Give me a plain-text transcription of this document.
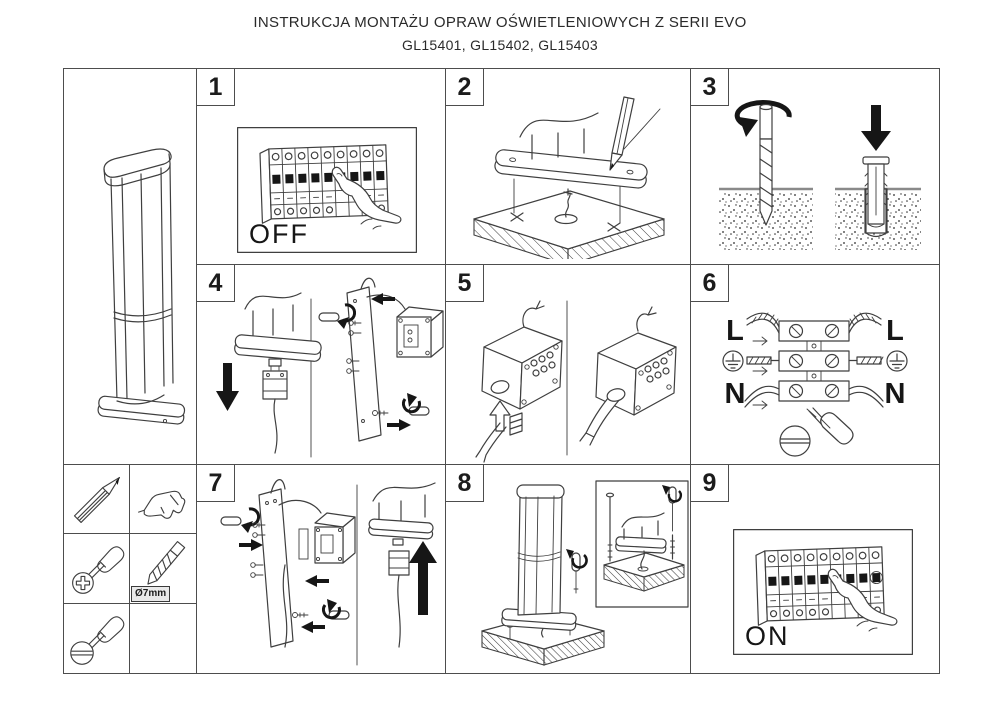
INSTRUKCJA MONTAŻU OPRAW OŚWIETLENIOWYCH Z SERII EVO
GL15401, GL15402, GL15403
Ø7mm
1
OFF
2	3
4	5	6
L
N
L
N
7	8	9
ON
